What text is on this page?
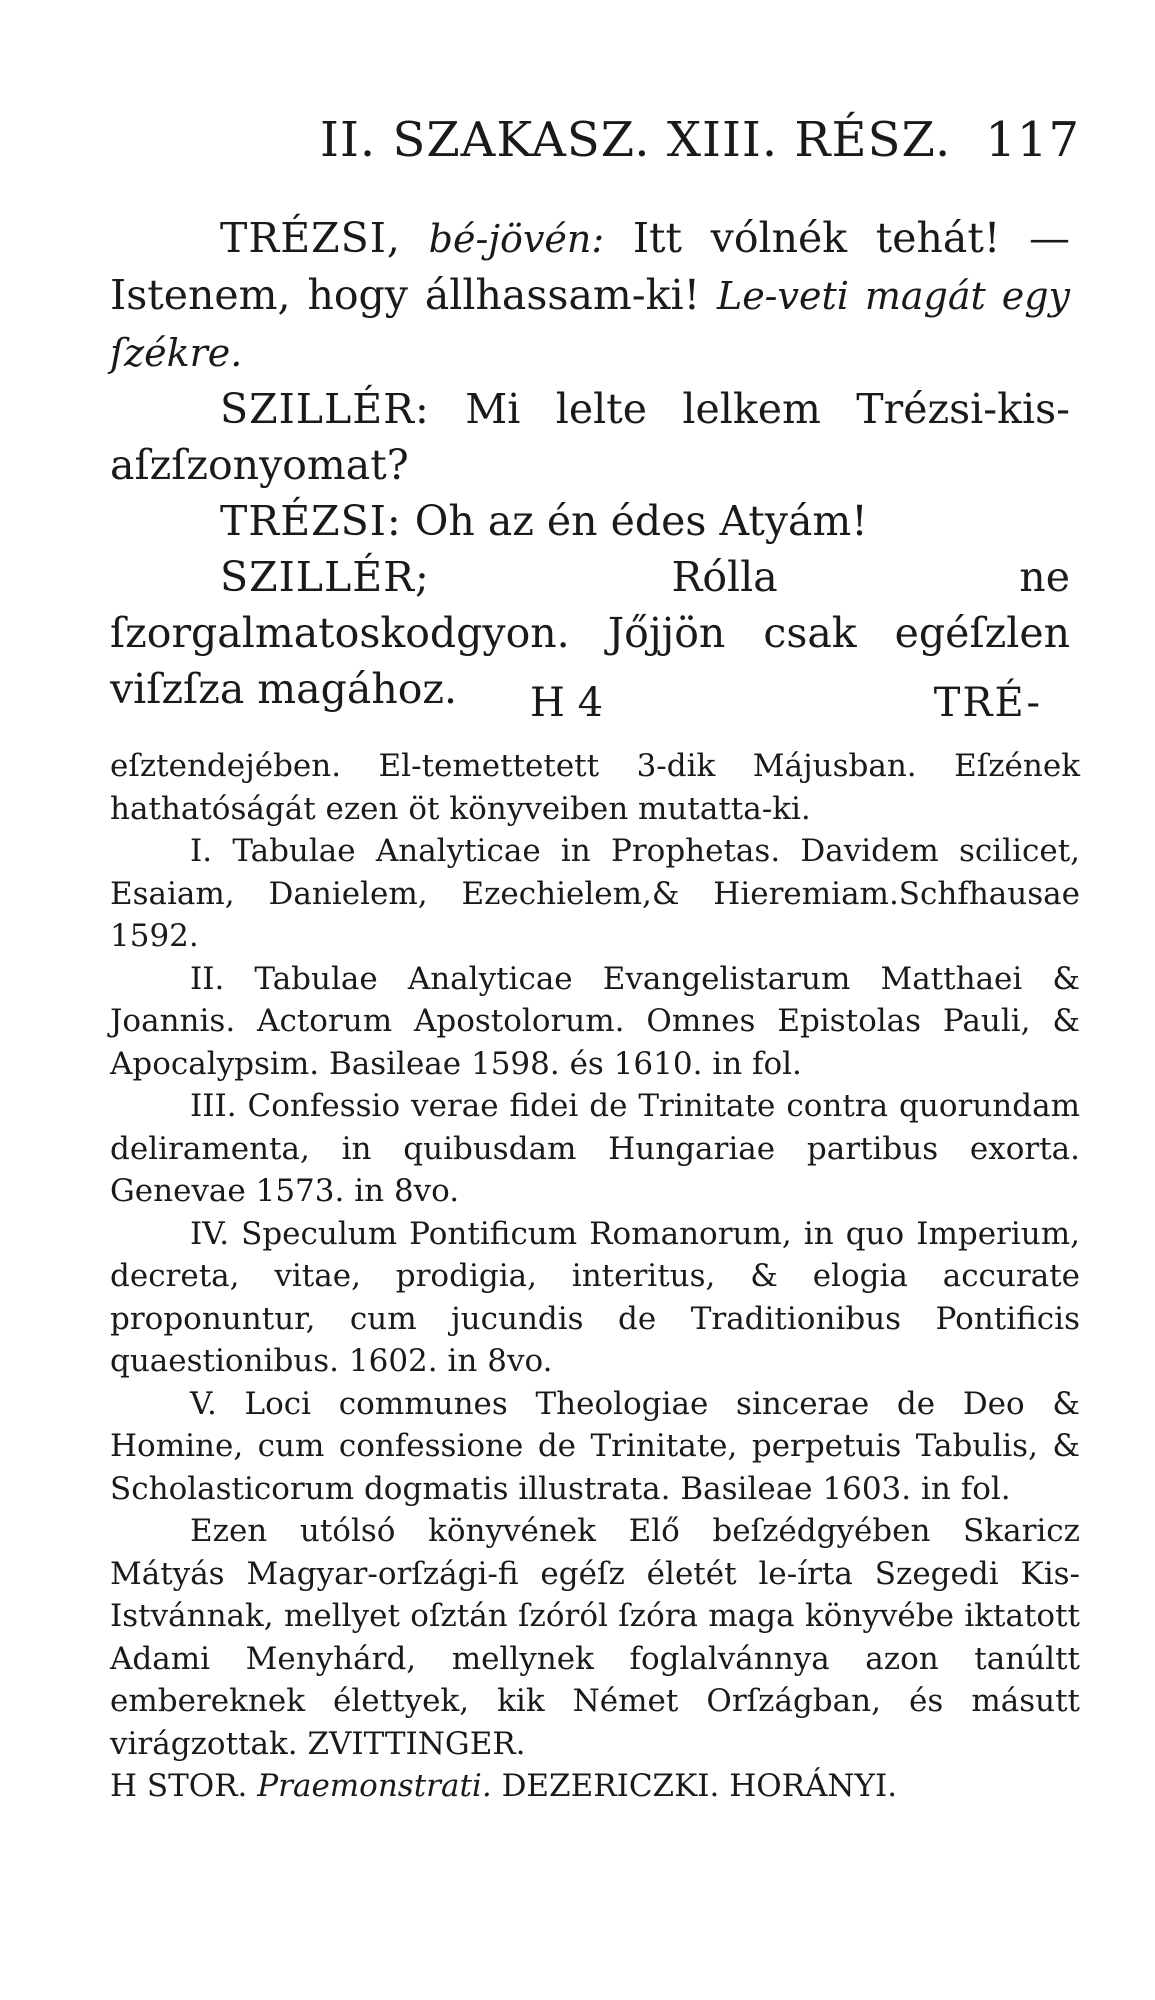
II. SZAKASZ. XIII. RÉSZ. 117

TRÉZSI, bé-jövén: Itt vólnék tehát! — Istenem, hogy állhassam-ki! Le-veti magát egy ſzékre.

SZILLÉR: Mi lelte lelkem Trézsi-kis-aſzſzonyomat?

TRÉZSI: Oh az én édes Atyám!

SZILLÉR;	Rólla ne ſzorgalmatoskodgyon. Jőjjön csak egéſzlen viſzſza magához.	H 4	TRÉ-

eſztendejében. El-temettetett 3-dik Májusban. Eſzének hathatóságát ezen öt könyveiben mutatta-ki.

I. Tabulae Analyticae in Prophetas. Davidem scilicet, Esaiam, Danielem, Ezechielem,& Hieremiam.Schfhausae 1592.

II. Tabulae Analyticae Evangelistarum Matthaei & Joannis. Actorum Apostolorum. Omnes Epistolas Pauli, & Apocalypsim. Basileae 1598. és 1610. in fol.

III. Confessio verae fidei de Trinitate contra quorundam deliramenta, in quibusdam Hungariae partibus exorta. Genevae 1573. in 8vo.

IV. Speculum Pontificum Romanorum, in quo Imperium, decreta, vitae, prodigia, interitus, & elogia accurate proponuntur, cum jucundis de Traditionibus Pontificis quaestionibus. 1602. in 8vo.

V. Loci communes Theologiae sincerae de Deo & Homine, cum confessione de Trinitate, perpetuis Tabulis, & Scholasticorum dogmatis illustrata. Basileae 1603. in fol.

Ezen utólsó könyvének Elő beſzédgyében Skaricz Mátyás Magyar-orſzági-fi egéſz életét le-írta Szegedi Kis-Istvánnak, mellyet oſztán ſzóról ſzóra maga könyvébe iktatott Adami Menyhárd, mellynek foglalvánnya azon tanúltt embereknek élettyek, kik Német Orſzágban, és másutt virágzottak. ZVITTINGER.

H STOR. Praemonstrati. DEZERICZKI. HORÁNYI.
